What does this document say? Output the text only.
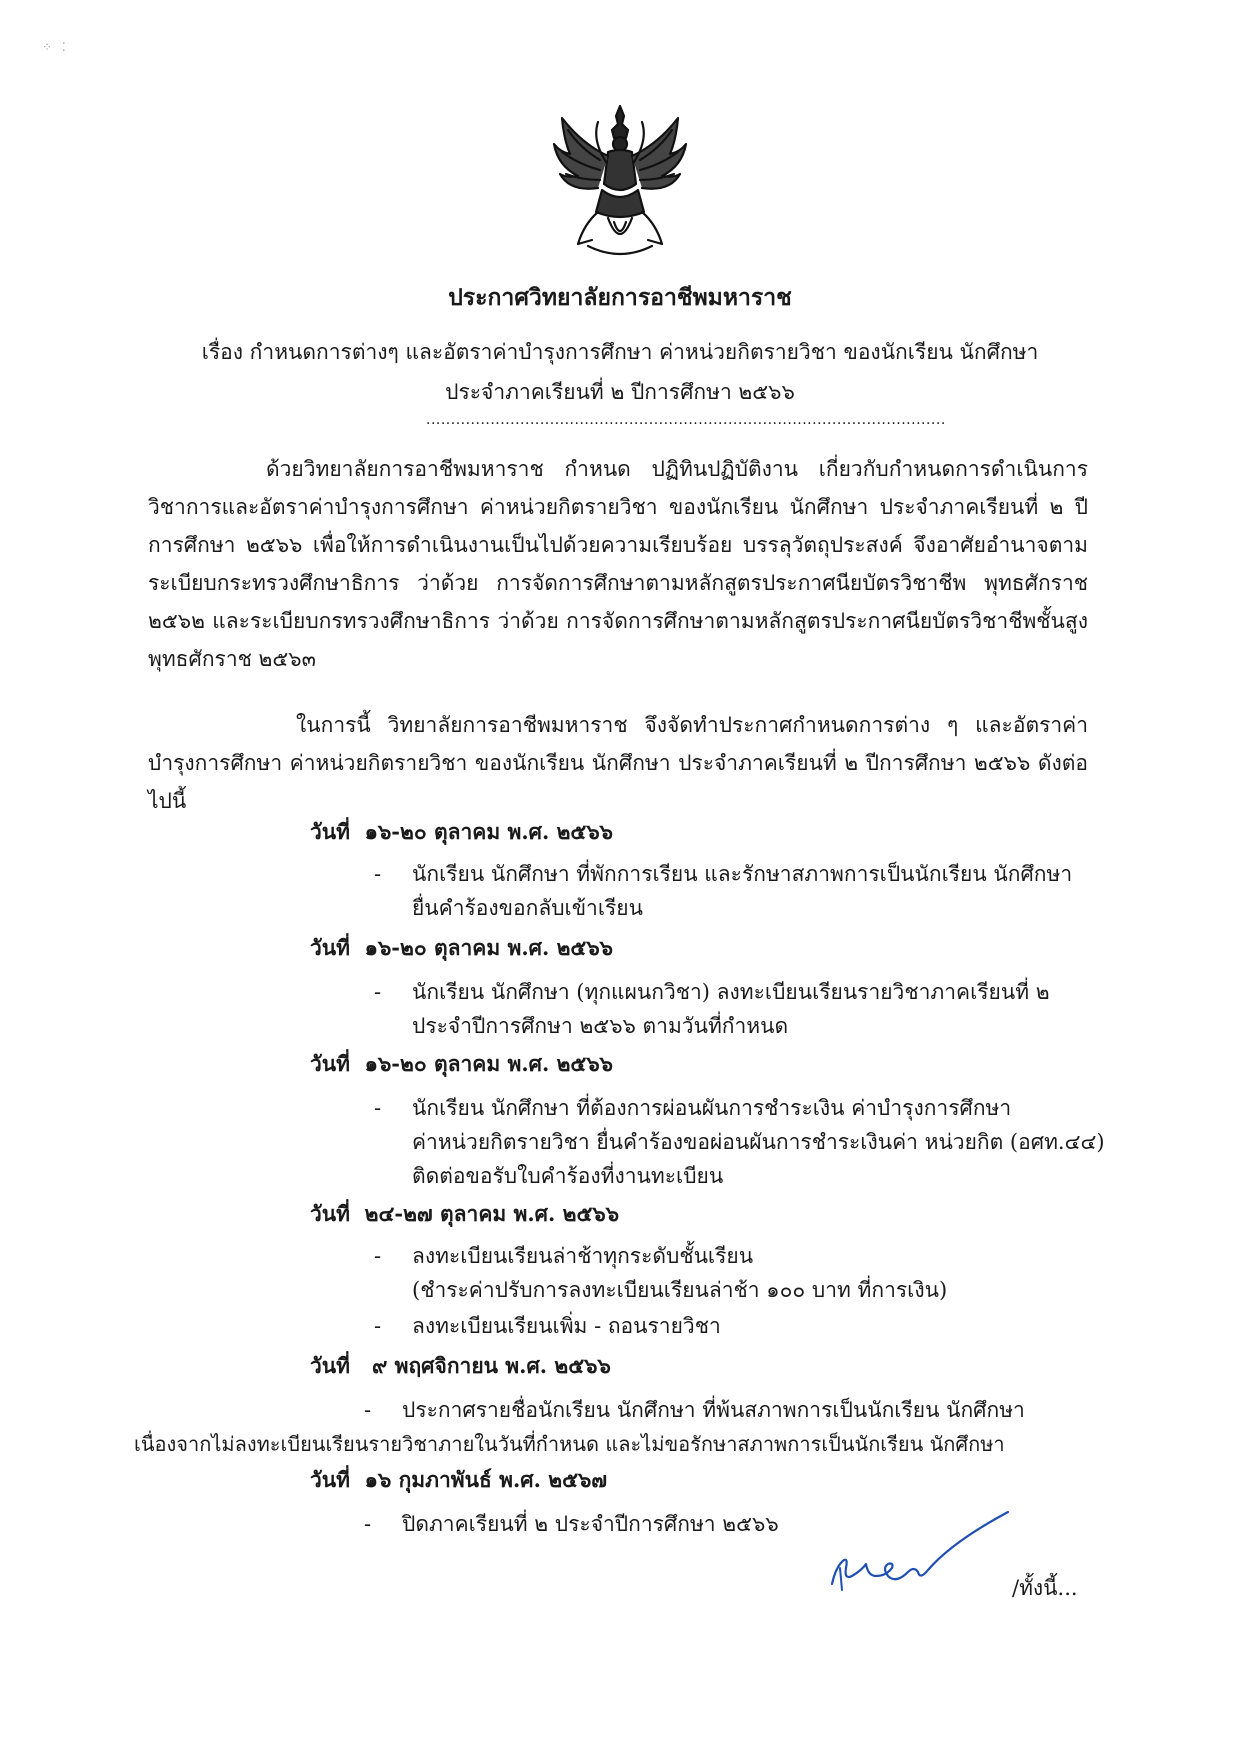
⁘ ⁚
ประกาศวิทยาลัยการอาชีพมหาราช
เรื่อง กำหนดการต่างๆ และอัตราค่าบำรุงการศึกษา ค่าหน่วยกิตรายวิชา ของนักเรียน นักศึกษา
ประจำภาคเรียนที่ ๒ ปีการศึกษา ๒๕๖๖
.........................................................................................................
ด้วยวิทยาลัยการอาชีพมหาราช กำหนด ปฏิทินปฏิบัติงาน เกี่ยวกับกำหนดการดำเนินการวิชาการและอัตราค่าบำรุงการศึกษา ค่าหน่วยกิตรายวิชา ของนักเรียน นักศึกษา ประจำภาคเรียนที่ ๒ ปีการศึกษา ๒๕๖๖ เพื่อให้การดำเนินงานเป็นไปด้วยความเรียบร้อย บรรลุวัตถุประสงค์ จึงอาศัยอำนาจตามระเบียบกระทรวงศึกษาธิการ ว่าด้วย การจัดการศึกษาตามหลักสูตรประกาศนียบัตรวิชาชีพ พุทธศักราช ๒๕๖๒ และระเบียบกรทรวงศึกษาธิการ ว่าด้วย การจัดการศึกษาตามหลักสูตรประกาศนียบัตรวิชาชีพชั้นสูง พุทธศักราช ๒๕๖๓
ในการนี้ วิทยาลัยการอาชีพมหาราช จึงจัดทำประกาศกำหนดการต่าง ๆ และอัตราค่าบำรุงการศึกษา ค่าหน่วยกิตรายวิชา ของนักเรียน นักศึกษา ประจำภาคเรียนที่ ๒ ปีการศึกษา ๒๕๖๖ ดังต่อไปนี้
วันที่ ๑๖-๒๐ ตุลาคม พ.ศ. ๒๕๖๖
- นักเรียน นักศึกษา ที่พักการเรียน และรักษาสภาพการเป็นนักเรียน นักศึกษา
ยื่นคำร้องขอกลับเข้าเรียน
วันที่ ๑๖-๒๐ ตุลาคม พ.ศ. ๒๕๖๖
- นักเรียน นักศึกษา (ทุกแผนกวิชา) ลงทะเบียนเรียนรายวิชาภาคเรียนที่ ๒
ประจำปีการศึกษา ๒๕๖๖ ตามวันที่กำหนด
วันที่ ๑๖-๒๐ ตุลาคม พ.ศ. ๒๕๖๖
- นักเรียน นักศึกษา ที่ต้องการผ่อนผันการชำระเงิน ค่าบำรุงการศึกษา
ค่าหน่วยกิตรายวิชา ยื่นคำร้องขอผ่อนผันการชำระเงินค่า หน่วยกิต (อศท.๔๔)
ติดต่อขอรับใบคำร้องที่งานทะเบียน
วันที่ ๒๔-๒๗ ตุลาคม พ.ศ. ๒๕๖๖
- ลงทะเบียนเรียนล่าช้าทุกระดับชั้นเรียน
(ชำระค่าปรับการลงทะเบียนเรียนล่าช้า ๑๐๐ บาท ที่การเงิน)
- ลงทะเบียนเรียนเพิ่ม - ถอนรายวิชา
วันที่ ๙ พฤศจิกายน พ.ศ. ๒๕๖๖
- ประกาศรายชื่อนักเรียน นักศึกษา ที่พ้นสภาพการเป็นนักเรียน นักศึกษา
เนื่องจากไม่ลงทะเบียนเรียนรายวิชาภายในวันที่กำหนด และไม่ขอรักษาสภาพการเป็นนักเรียน นักศึกษา
วันที่ ๑๖ กุมภาพันธ์ พ.ศ. ๒๕๖๗
- ปิดภาคเรียนที่ ๒ ประจำปีการศึกษา ๒๕๖๖
/ทั้งนี้...
